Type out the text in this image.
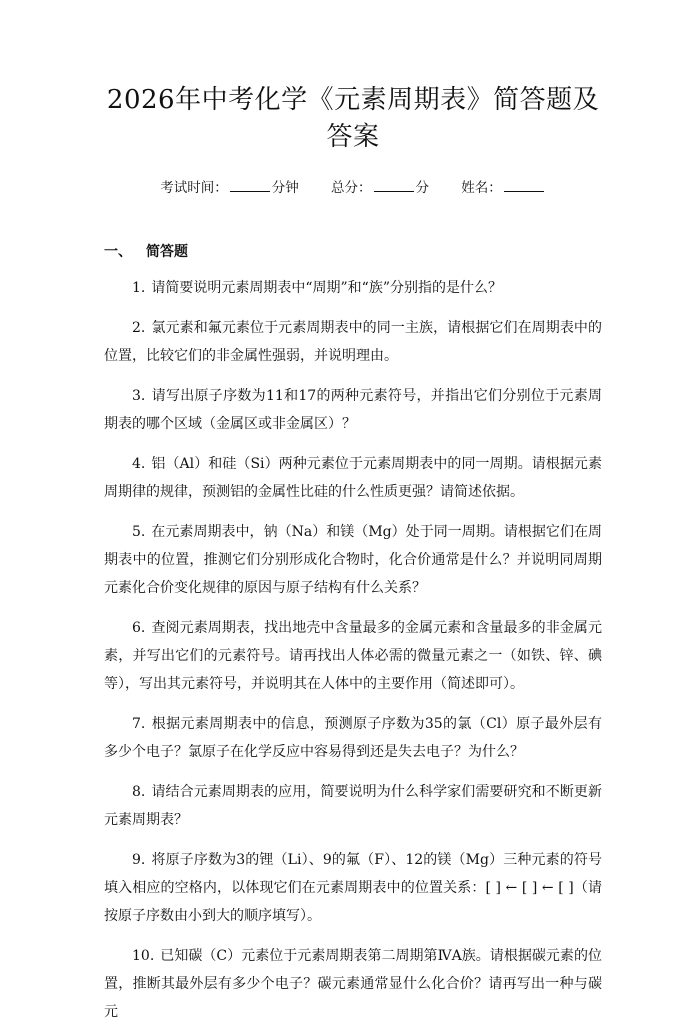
2026年中考化学《元素周期表》简答题及答案
考试时间：	分钟 总分：	分 姓名：
一、 简答题

1. 请简要说明元素周期表中“周期”和“族”分别指的是什么？

2. 氯元素和氟元素位于元素周期表中的同一主族，请根据它们在周期表中的位置，比较它们的非金属性强弱，并说明理由。

3. 请写出原子序数为11和17的两种元素符号，并指出它们分别位于元素周期表的哪个区域（金属区或非金属区）？

4. 铝（Al）和硅（Si）两种元素位于元素周期表中的同一周期。请根据元素周期律的规律，预测铝的金属性比硅的什么性质更强？请简述依据。

5. 在元素周期表中，钠（Na）和镁（Mg）处于同一周期。请根据它们在周期表中的位置，推测它们分别形成化合物时，化合价通常是什么？并说明同周期元素化合价变化规律的原因与原子结构有什么关系？

6. 查阅元素周期表，找出地壳中含量最多的金属元素和含量最多的非金属元素，并写出它们的元素符号。请再找出人体必需的微量元素之一（如铁、锌、碘等），写出其元素符号，并说明其在人体中的主要作用（简述即可）。

7. 根据元素周期表中的信息，预测原子序数为35的氯（Cl）原子最外层有多少个电子？氯原子在化学反应中容易得到还是失去电子？为什么？

8. 请结合元素周期表的应用，简要说明为什么科学家们需要研究和不断更新元素周期表？

9. 将原子序数为3的锂（Li）、9的氟（F）、12的镁（Mg）三种元素的符号填入相应的空格内，以体现它们在元素周期表中的位置关系：[ ] ← [ ] ← [ ]（请按原子序数由小到大的顺序填写）。

10. 已知碳（C）元素位于元素周期表第二周期第ⅣA族。请根据碳元素的位置，推断其最外层有多少个电子？碳元素通常显什么化合价？请再写出一种与碳元
